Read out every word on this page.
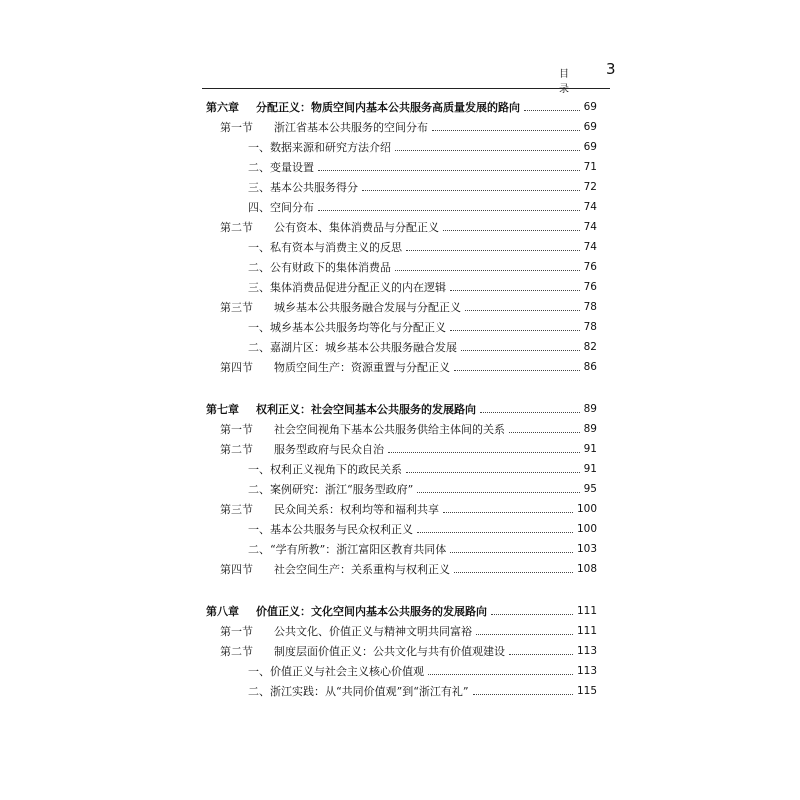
目 录
3
第六章 分配正义：物质空间内基本公共服务高质量发展的路向	69
第一节 浙江省基本公共服务的空间分布	69
一、数据来源和研究方法介绍	69
二、变量设置	71
三、基本公共服务得分	72
四、空间分布	74
第二节 公有资本、集体消费品与分配正义	74
一、私有资本与消费主义的反思	74
二、公有财政下的集体消费品	76
三、集体消费品促进分配正义的内在逻辑	76
第三节 城乡基本公共服务融合发展与分配正义	78
一、城乡基本公共服务均等化与分配正义	78
二、嘉湖片区：城乡基本公共服务融合发展	82
第四节 物质空间生产：资源重置与分配正义	86
第七章 权利正义：社会空间基本公共服务的发展路向	89
第一节 社会空间视角下基本公共服务供给主体间的关系	89
第二节 服务型政府与民众自治	91
一、权利正义视角下的政民关系	91
二、案例研究：浙江“服务型政府”	95
第三节 民众间关系：权利均等和福利共享	100
一、基本公共服务与民众权利正义	100
二、“学有所教”：浙江富阳区教育共同体	103
第四节 社会空间生产：关系重构与权利正义	108
第八章 价值正义：文化空间内基本公共服务的发展路向	111
第一节 公共文化、价值正义与精神文明共同富裕	111
第二节 制度层面价值正义：公共文化与共有价值观建设	113
一、价值正义与社会主义核心价值观	113
二、浙江实践：从“共同价值观”到“浙江有礼”	115
